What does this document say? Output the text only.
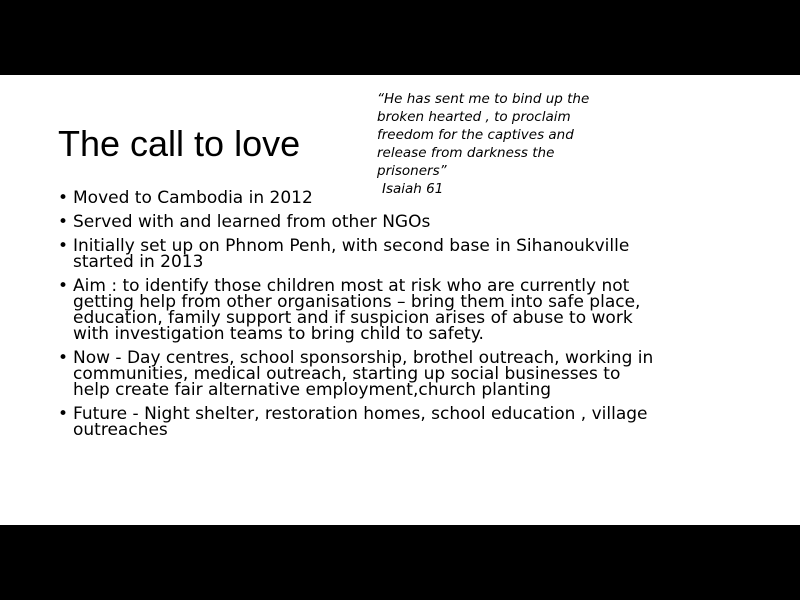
The call to love
“He has sent me to bind up the broken hearted , to proclaim freedom for the captives and release from darkness the prisoners”
Isaiah 61
• Moved to Cambodia in 2012
• Served with and learned from other NGOs
• Initially set up on Phnom Penh, with second base in Sihanoukville started in 2013
• Aim : to identify those children most at risk who are currently not getting help from other organisations – bring them into safe place, education, family support and if suspicion arises of abuse to work with investigation teams to bring child to safety.
• Now - Day centres, school sponsorship, brothel outreach, working in communities, medical outreach, starting up social businesses to help create fair alternative employment,church planting
• Future - Night shelter, restoration homes, school education , village outreaches
